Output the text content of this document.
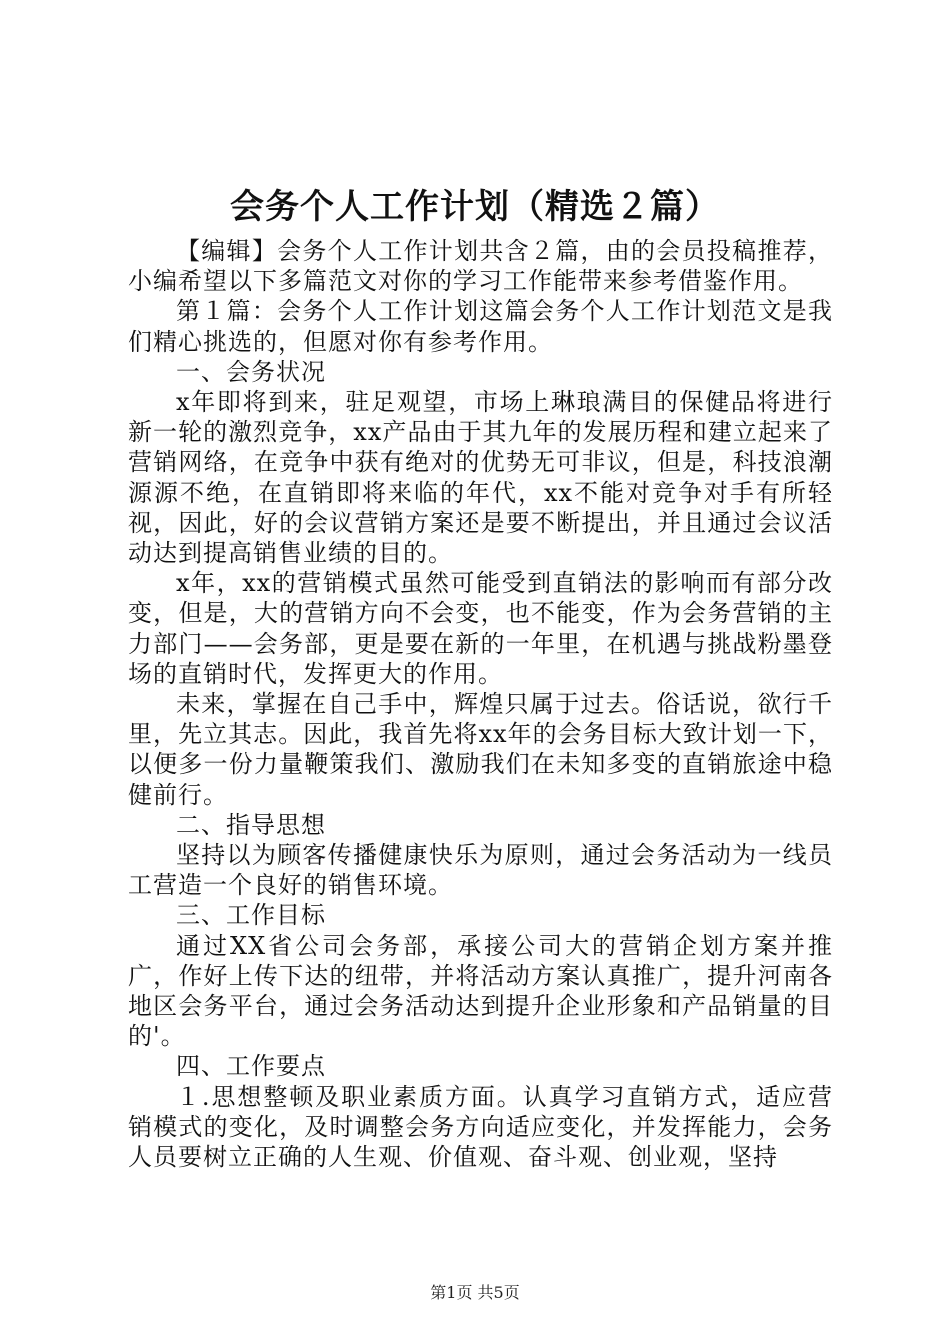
会务个人工作计划（精选２篇）

【编辑】会务个人工作计划共含２篇，由的会员投稿推荐，小编希望以下多篇范文对你的学习工作能带来参考借鉴作用。

第１篇：会务个人工作计划这篇会务个人工作计划范文是我们精心挑选的，但愿对你有参考作用。

一、会务状况

x年即将到来，驻足观望，市场上琳琅满目的保健品将进行新一轮的激烈竞争，xx产品由于其九年的发展历程和建立起来了营销网络，在竞争中获有绝对的优势无可非议，但是，科技浪潮源源不绝，在直销即将来临的年代，xx不能对竞争对手有所轻视，因此，好的会议营销方案还是要不断提出，并且通过会议活动达到提高销售业绩的目的。

x年，xx的营销模式虽然可能受到直销法的影响而有部分改变，但是，大的营销方向不会变，也不能变，作为会务营销的主力部门——会务部，更是要在新的一年里，在机遇与挑战粉墨登场的直销时代，发挥更大的作用。

未来，掌握在自己手中，辉煌只属于过去。俗话说，欲行千里，先立其志。因此，我首先将xx年的会务目标大致计划一下，以便多一份力量鞭策我们、激励我们在未知多变的直销旅途中稳健前行。

二、指导思想

坚持以为顾客传播健康快乐为原则，通过会务活动为一线员工营造一个良好的销售环境。

三、工作目标

通过XX省公司会务部，承接公司大的营销企划方案并推广，作好上传下达的纽带，并将活动方案认真推广，提升河南各地区会务平台，通过会务活动达到提升企业形象和产品销量的目的'。

四、工作要点

１.思想整顿及职业素质方面。认真学习直销方式，适应营销模式的变化，及时调整会务方向适应变化，并发挥能力，会务人员要树立正确的人生观、价值观、奋斗观、创业观，坚持

第1页 共5页
